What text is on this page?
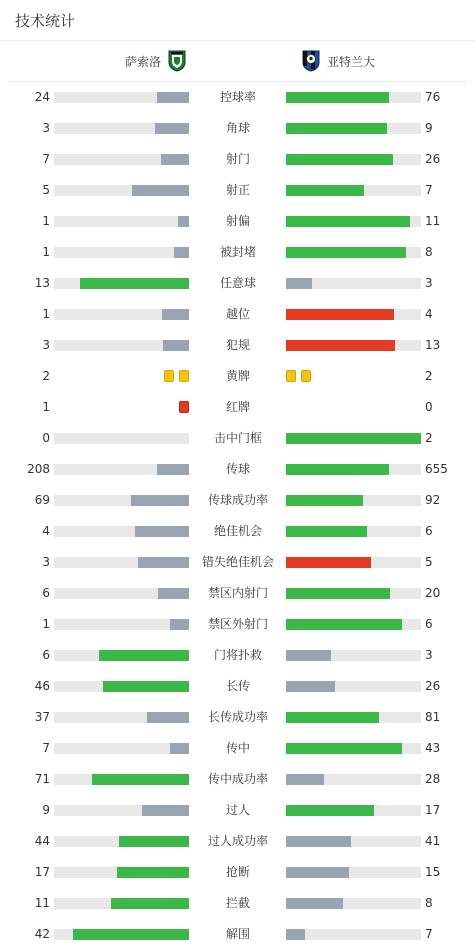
技术统计
萨索洛	亚特兰大
24	控球率	76
3	角球	9
7	射门	26
5	射正	7
1	射偏	11
1	被封堵	8
13	任意球	3
1	越位	4
3	犯规	13
2	黄牌	2
1	红牌	0
0	击中门框	2
208	传球	655
69	传球成功率	92
4	绝佳机会	6
3	错失绝佳机会	5
6	禁区内射门	20
1	禁区外射门	6
6	门将扑救	3
46	长传	26
37	长传成功率	81
7	传中	43
71	传中成功率	28
9	过人	17
44	过人成功率	41
17	抢断	15
11	拦截	8
42	解围	7
